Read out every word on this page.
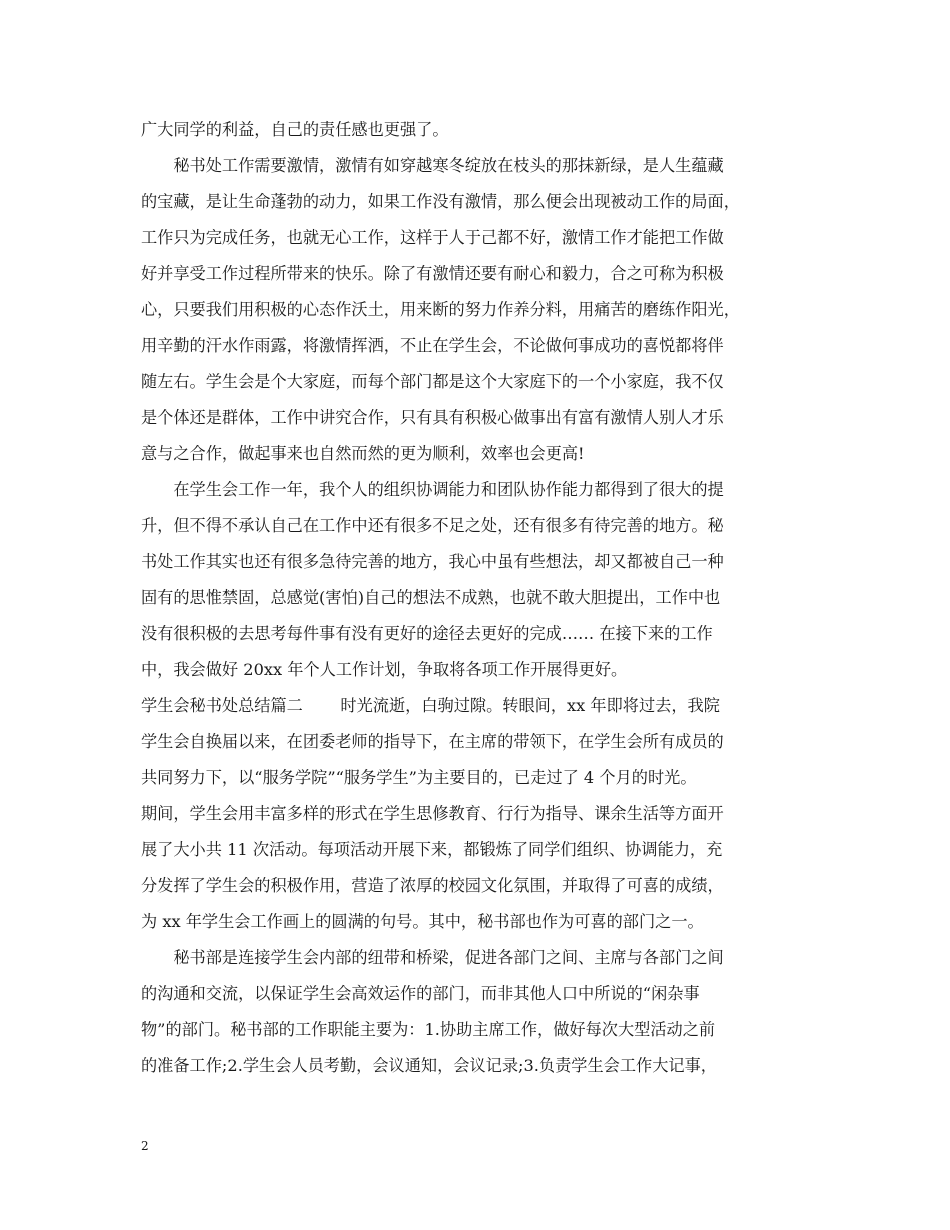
广大同学的利益，自己的责任感也更强了。
　　秘书处工作需要激情，激情有如穿越寒冬绽放在枝头的那抹新绿，是人生蕴藏
的宝藏，是让生命蓬勃的动力，如果工作没有激情，那么便会出现被动工作的局面，
工作只为完成任务，也就无心工作，这样于人于己都不好，激情工作才能把工作做
好并享受工作过程所带来的快乐。除了有激情还要有耐心和毅力，合之可称为积极
心，只要我们用积极的心态作沃土，用来断的努力作养分料，用痛苦的磨练作阳光，
用辛勤的汗水作雨露，将激情挥洒，不止在学生会，不论做何事成功的喜悦都将伴
随左右。学生会是个大家庭，而每个部门都是这个大家庭下的一个小家庭，我不仅
是个体还是群体，工作中讲究合作，只有具有积极心做事出有富有激情人别人才乐
意与之合作，做起事来也自然而然的更为顺利，效率也会更高!
　　在学生会工作一年，我个人的组织协调能力和团队协作能力都得到了很大的提
升，但不得不承认自己在工作中还有很多不足之处，还有很多有待完善的地方。秘
书处工作其实也还有很多急待完善的地方，我心中虽有些想法，却又都被自己一种
固有的思惟禁固，总感觉(害怕)自己的想法不成熟，也就不敢大胆提出，工作中也
没有很积极的去思考每件事有没有更好的途径去更好的完成…… 在接下来的工作
中，我会做好 20xx 年个人工作计划，争取将各项工作开展得更好。
学生会秘书处总结篇二　　 时光流逝，白驹过隙。转眼间，xx 年即将过去，我院
学生会自换届以来，在团委老师的指导下，在主席的带领下，在学生会所有成员的
共同努力下，以“服务学院”“服务学生”为主要目的，已走过了 4 个月的时光。
期间，学生会用丰富多样的形式在学生思修教育、行行为指导、课余生活等方面开
展了大小共 11 次活动。每项活动开展下来，都锻炼了同学们组织、协调能力，充
分发挥了学生会的积极作用，营造了浓厚的校园文化氛围，并取得了可喜的成绩，
为 xx 年学生会工作画上的圆满的句号。其中，秘书部也作为可喜的部门之一。
　　秘书部是连接学生会内部的纽带和桥梁，促进各部门之间、主席与各部门之间
的沟通和交流，以保证学生会高效运作的部门，而非其他人口中所说的“闲杂事
物”的部门。秘书部的工作职能主要为：1.协助主席工作，做好每次大型活动之前
的准备工作;2.学生会人员考勤，会议通知，会议记录;3.负责学生会工作大记事，
2
